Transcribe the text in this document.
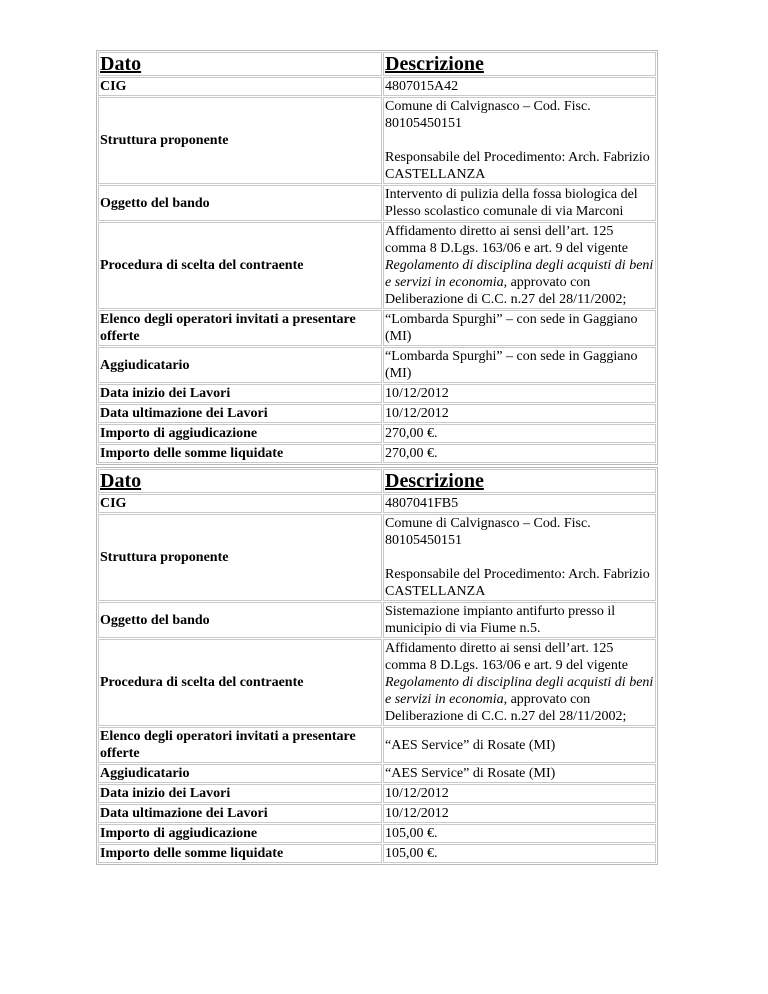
Dato	Descrizione
CIG	4807015A42
Struttura proponente	Comune di Calvignasco – Cod. Fisc. 80105450151
Responsabile del Procedimento: Arch. Fabrizio CASTELLANZA
Oggetto del bando	Intervento di pulizia della fossa biologica del Plesso scolastico comunale di via Marconi
Procedura di scelta del contraente	Affidamento diretto ai sensi dell’art. 125 comma 8 D.Lgs. 163/06 e art. 9 del vigente Regolamento di disciplina degli acquisti di beni e servizi in economia, approvato con Deliberazione di C.C. n.27 del 28/11/2002;
Elenco degli operatori invitati a presentare offerte	“Lombarda Spurghi” – con sede in Gaggiano (MI)
Aggiudicatario	“Lombarda Spurghi” – con sede in Gaggiano (MI)
Data inizio dei Lavori	10/12/2012
Data ultimazione dei Lavori	10/12/2012
Importo di aggiudicazione	270,00 €.
Importo delle somme liquidate	270,00 €.
Dato	Descrizione
CIG	4807041FB5
Struttura proponente	Comune di Calvignasco – Cod. Fisc. 80105450151
Responsabile del Procedimento: Arch. Fabrizio CASTELLANZA
Oggetto del bando	Sistemazione impianto antifurto presso il municipio di via Fiume n.5.
Procedura di scelta del contraente	Affidamento diretto ai sensi dell’art. 125 comma 8 D.Lgs. 163/06 e art. 9 del vigente Regolamento di disciplina degli acquisti di beni e servizi in economia, approvato con Deliberazione di C.C. n.27 del 28/11/2002;
Elenco degli operatori invitati a presentare offerte	“AES Service” di Rosate (MI)
Aggiudicatario	“AES Service” di Rosate (MI)
Data inizio dei Lavori	10/12/2012
Data ultimazione dei Lavori	10/12/2012
Importo di aggiudicazione	105,00 €.
Importo delle somme liquidate	105,00 €.
